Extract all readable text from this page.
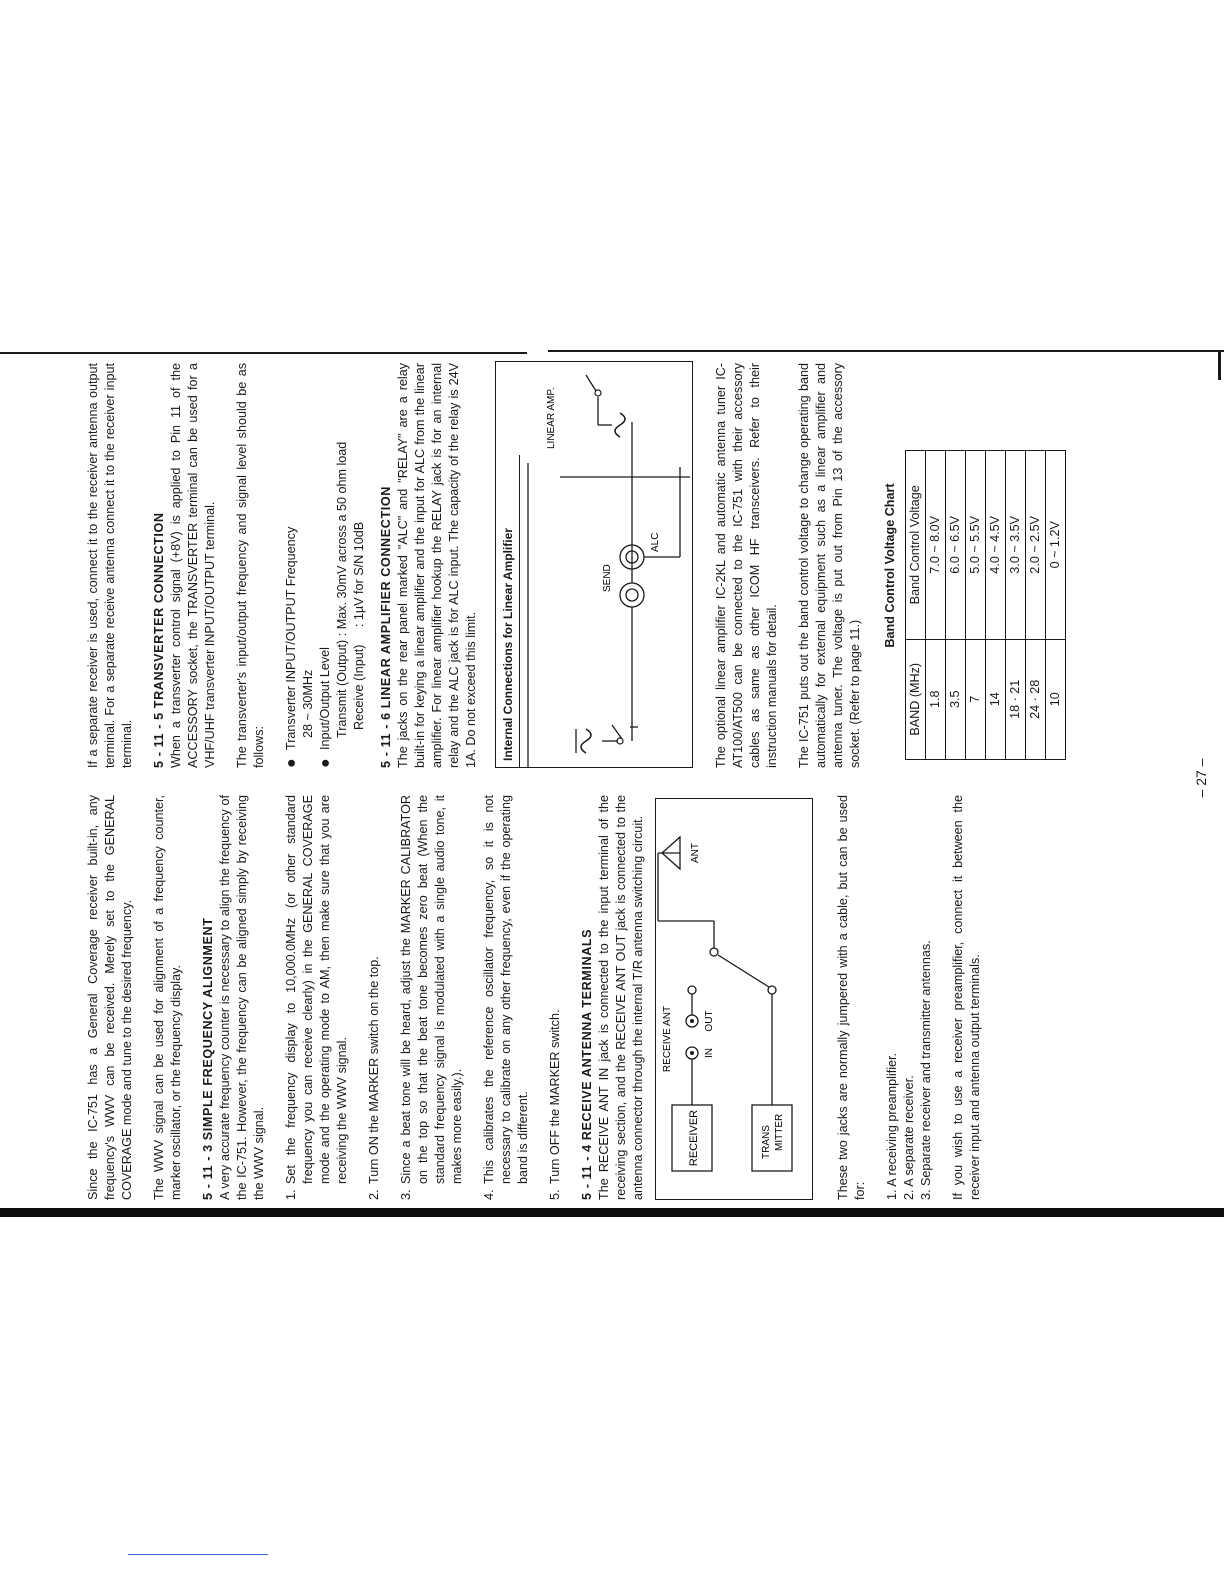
Since the IC-751 has a General Coverage receiver built-in, any frequency's WWV can be received. Merely set to the GENERAL COVERAGE mode and tune to the desired frequency. The WWV signal can be used for alignment of a frequency counter, marker oscillator, or the frequency display. 5 - 11 - 3 SIMPLE FREQUENCY ALIGNMENT A very accurate frequency counter is necessary to align the frequency of the IC-751. However, the frequency can be aligned simply by receiving the WWV signal. 1.
Set the frequency display to 10,000.0MHz (or other standard frequency you can receive clearly) in the GENERAL COVERAGE mode and the operating mode to AM, then make sure that you are receiving the WWV signal.
2.
Turn ON the MARKER switch on the top.
3.
Since a beat tone will be heard, adjust the MARKER CALIBRATOR on the top so that the beat tone becomes zero beat (When the standard frequency signal is modulated with a single audio tone, it makes more easily.).
4.
This calibrates the reference oscillator frequency, so it is not necessary to calibrate on any other frequency, even if the operating band is different.
5.
Turn OFF the MARKER switch. 5 - 11 - 4 RECEIVE ANTENNA TERMINALS The RECEIVE ANT IN jack is connected to the input terminal of the receiving section, and the RECEIVE ANT OUT jack is connected to the antenna connector through the internal T/R antenna switching circuit.	RECEIVER	TRANS MITTER
RECEIVE ANT	IN
OUT
ANT	These two jacks are normally jumpered with a cable, but can be used for: 1. A receiving preamplifier. 2. A separate receiver. 3. Separate receiver and transmitter antennas. If you wish to use a receiver preamplifier, connect it between the receiver input and antenna output terminals.

If a separate receiver is used, connect it to the receiver antenna output terminal. For a separate receive antenna connect it to the receiver input terminal. 5 - 11 - 5 TRANSVERTER CONNECTION When a transverter control signal (+8V) is applied to Pin 11 of the ACCESSORY socket, the TRANSVERTER terminal can be used for a VHF/UHF transverter INPUT/OUTPUT terminal. The transverter's input/output frequency and signal level should be as follows: ●
Transverter INPUT/OUTPUT Frequency 28 ~ 30MHz
●
Input/Output Level Transmit (Output) : Max. 30mV across a 50 ohm load Receive (Input)     : 1µV for S/N 10dB 5 - 11 - 6 LINEAR AMPLIFIER CONNECTION The jacks on the rear panel marked "ALC" and "RELAY" are a relay built-in for keying a linear amplifier and the input for ALC from the linear amplifier. For linear amplifier hookup the RELAY jack is for an internal relay and the ALC jack is for ALC input. The capacity of the relay is 24V 1A. Do not exceed this limit.	Internal Connections for Linear Amplifier	SEND
ALC
LINEAR AMP.	The optional linear amplifier IC-2KL and automatic antenna tuner IC-AT100/AT500 can be connected to the IC-751 with their accessory cables as same as other ICOM HF transceivers. Refer to their instruction manuals for detail. The IC-751 puts out the band control voltage to change operating band automatically for external equipment such as a linear amplifier and antenna tuner. The voltage is put out from Pin 13 of the accessory socket. (Refer to page 11.)

Band Control Voltage Chart
BAND (MHz)	Band Control Voltage
1.8	7.0 ~ 8.0V
3.5	6.0 ~ 6.5V
7	5.0 ~ 5.5V
14	4.0 ~ 4.5V
18 · 21	3.0 ~ 3.5V
24 · 28	2.0 ~ 2.5V
10	0 ~ 1.2V
– 27 –
